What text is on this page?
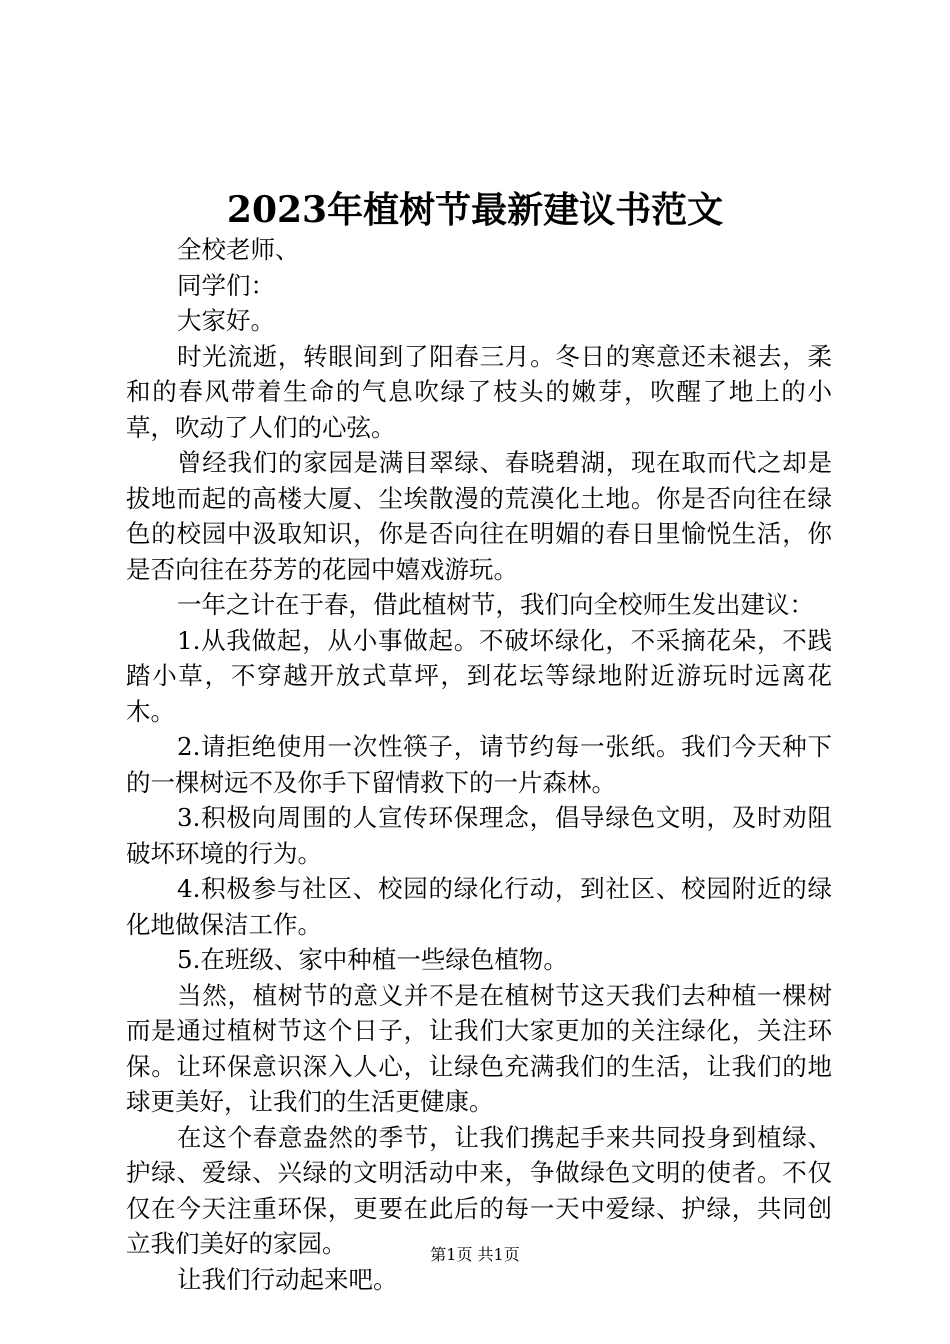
2023年植树节最新建议书范文

全校老师、

同学们：

大家好。

时光流逝，转眼间到了阳春三月。冬日的寒意还未褪去，柔和的春风带着生命的气息吹绿了枝头的嫩芽，吹醒了地上的小草，吹动了人们的心弦。

曾经我们的家园是满目翠绿、春晓碧湖，现在取而代之却是拔地而起的高楼大厦、尘埃散漫的荒漠化土地。你是否向往在绿色的校园中汲取知识，你是否向往在明媚的春日里愉悦生活，你是否向往在芬芳的花园中嬉戏游玩。

一年之计在于春，借此植树节，我们向全校师生发出建议：

1.从我做起，从小事做起。不破坏绿化，不采摘花朵，不践踏小草，不穿越开放式草坪，到花坛等绿地附近游玩时远离花木。

2.请拒绝使用一次性筷子，请节约每一张纸。我们今天种下的一棵树远不及你手下留情救下的一片森林。

3.积极向周围的人宣传环保理念，倡导绿色文明，及时劝阻破坏环境的行为。

4.积极参与社区、校园的绿化行动，到社区、校园附近的绿化地做保洁工作。

5.在班级、家中种植一些绿色植物。

当然，植树节的意义并不是在植树节这天我们去种植一棵树而是通过植树节这个日子，让我们大家更加的关注绿化，关注环保。让环保意识深入人心，让绿色充满我们的生活，让我们的地球更美好，让我们的生活更健康。

在这个春意盎然的季节，让我们携起手来共同投身到植绿、护绿、爱绿、兴绿的文明活动中来，争做绿色文明的使者。不仅仅在今天注重环保，更要在此后的每一天中爱绿、护绿，共同创立我们美好的家园。

让我们行动起来吧。

第1页 共1页
